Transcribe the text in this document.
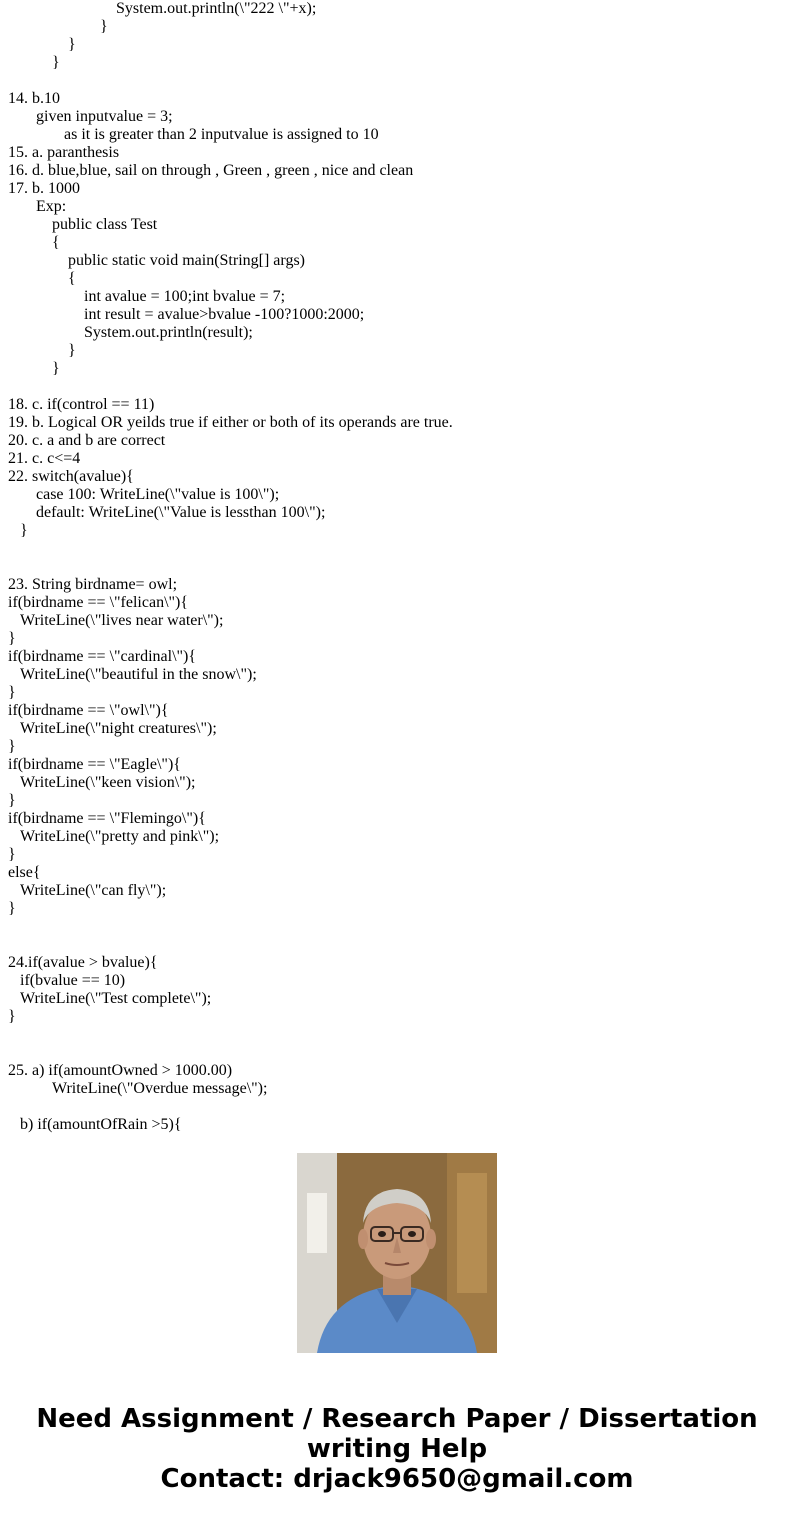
System.out.println(\"222 \"+x);
}
}
}
14. b.10
given inputvalue = 3;
as it is greater than 2 inputvalue is assigned to 10
15. a. paranthesis
16. d. blue,blue, sail on through , Green , green , nice and clean
17. b. 1000
Exp:
public class Test
{
public static void main(String[] args)
{
int avalue = 100;int bvalue = 7;
int result = avalue>bvalue -100?1000:2000;
System.out.println(result);
}
}
18. c. if(control == 11)
19. b. Logical OR yeilds true if either or both of its operands are true.
20. c. a and b are correct
21. c. c<=4
22. switch(avalue){
case 100: WriteLine(\"value is 100\");
default: WriteLine(\"Value is lessthan 100\");
}
23. String birdname= owl;
if(birdname == \"felican\"){
WriteLine(\"lives near water\");
}
if(birdname == \"cardinal\"){
WriteLine(\"beautiful in the snow\");
}
if(birdname == \"owl\"){
WriteLine(\"night creatures\");
}
if(birdname == \"Eagle\"){
WriteLine(\"keen vision\");
}
if(birdname == \"Flemingo\"){
WriteLine(\"pretty and pink\");
}
else{
WriteLine(\"can fly\");
}
24.if(avalue > bvalue){
if(bvalue == 10)
WriteLine(\"Test complete\");
}
25. a) if(amountOwned > 1000.00)
WriteLine(\"Overdue message\");
b) if(amountOfRain >5){
Need Assignment / Research Paper / Dissertation
writing Help
Contact: drjack9650@gmail.com
